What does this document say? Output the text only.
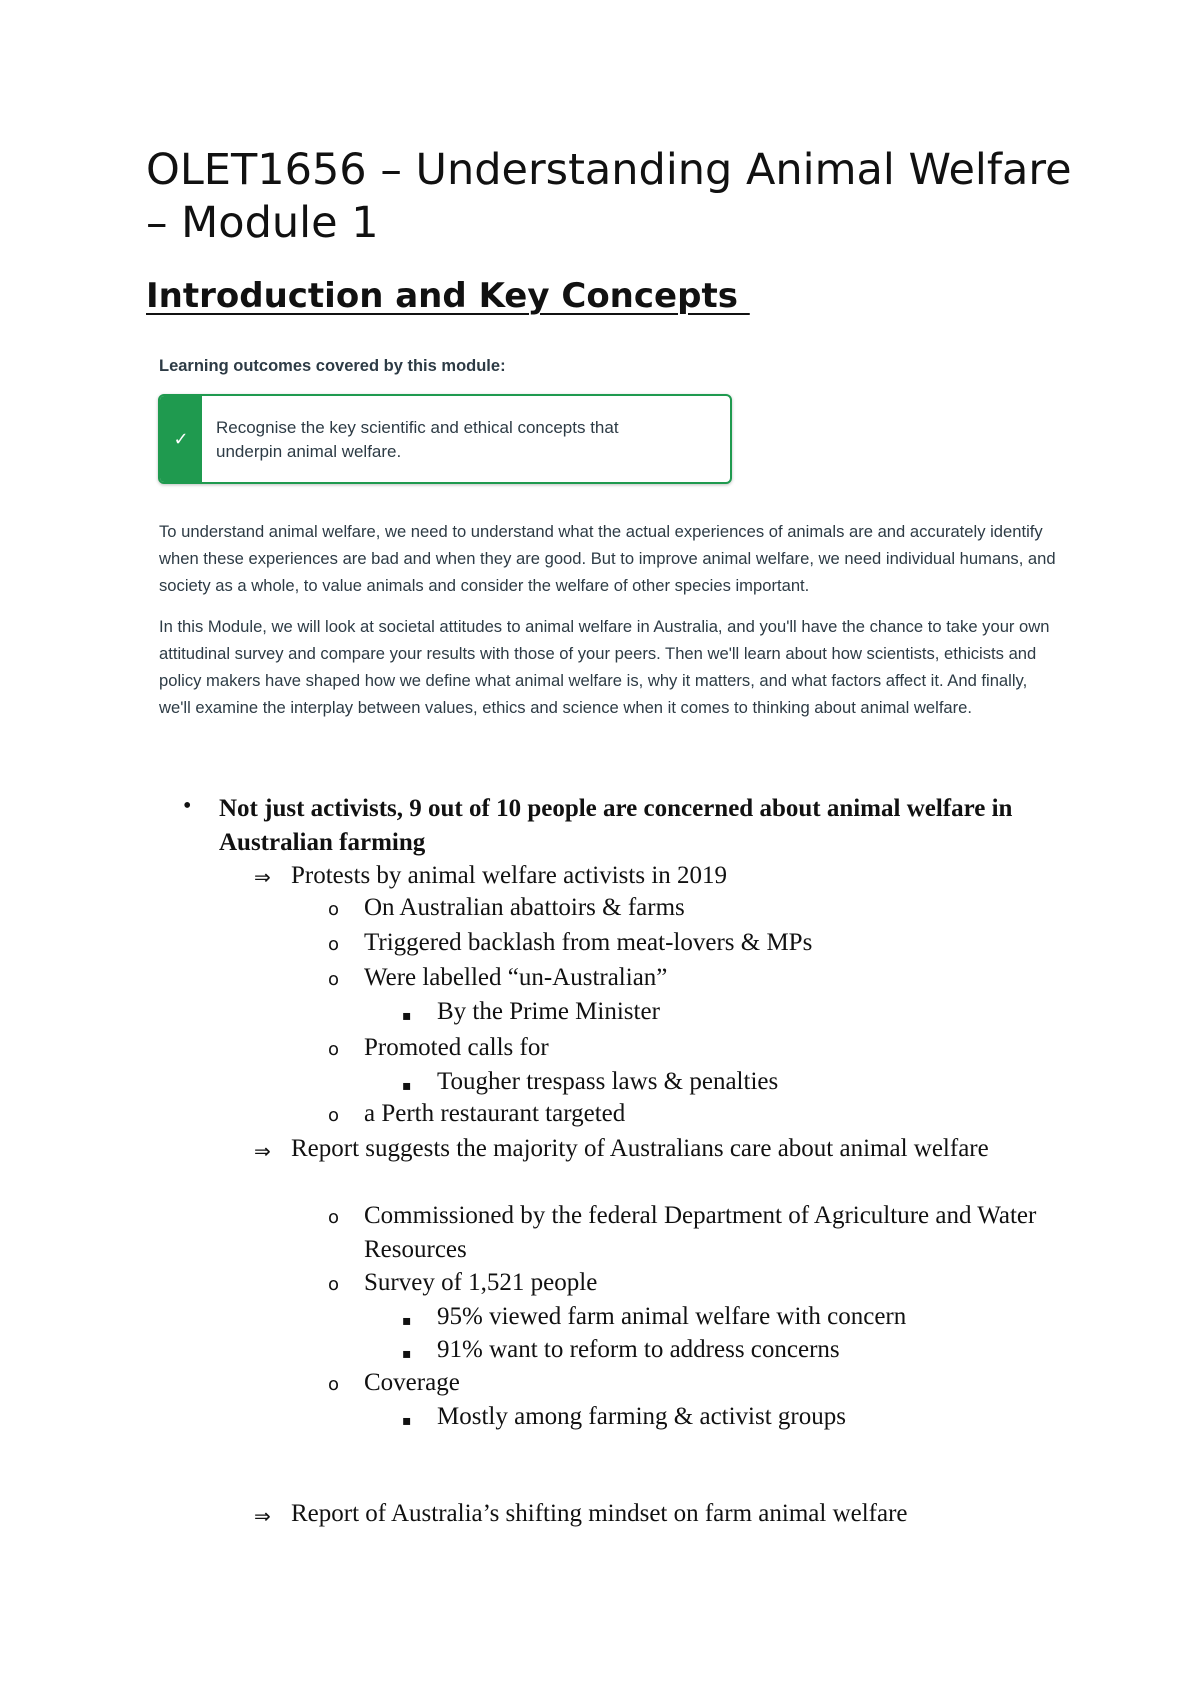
OLET1656 – Understanding Animal Welfare – Module 1
Introduction and Key Concepts
Learning outcomes covered by this module:
✓
Recognise the key scientific and ethical concepts that underpin animal welfare.

To understand animal welfare, we need to understand what the actual experiences of animals are and accurately identify when these experiences are bad and when they are good. But to improve animal welfare, we need individual humans, and society as a whole, to value animals and consider the welfare of other species important.

In this Module, we will look at societal attitudes to animal welfare in Australia, and you'll have the chance to take your own attitudinal survey and compare your results with those of your peers. Then we'll learn about how scientists, ethicists and policy makers have shaped how we define what animal welfare is, why it matters, and what factors affect it. And finally, we'll examine the interplay between values, ethics and science when it comes to thinking about animal welfare.

• Not just activists, 9 out of 10 people are concerned about animal welfare in Australian farming
⇒ Protests by animal welfare activists in 2019
o On Australian abattoirs & farms
o Triggered backlash from meat-lovers & MPs
o Were labelled “un-Australian”
▪ By the Prime Minister
o Promoted calls for
▪ Tougher trespass laws & penalties
o a Perth restaurant targeted
⇒ Report suggests the majority of Australians care about animal welfare
o Commissioned by the federal Department of Agriculture and Water Resources
o Survey of 1,521 people
▪ 95% viewed farm animal welfare with concern
▪ 91% want to reform to address concerns
o Coverage
▪ Mostly among farming & activist groups
⇒ Report of Australia’s shifting mindset on farm animal welfare
